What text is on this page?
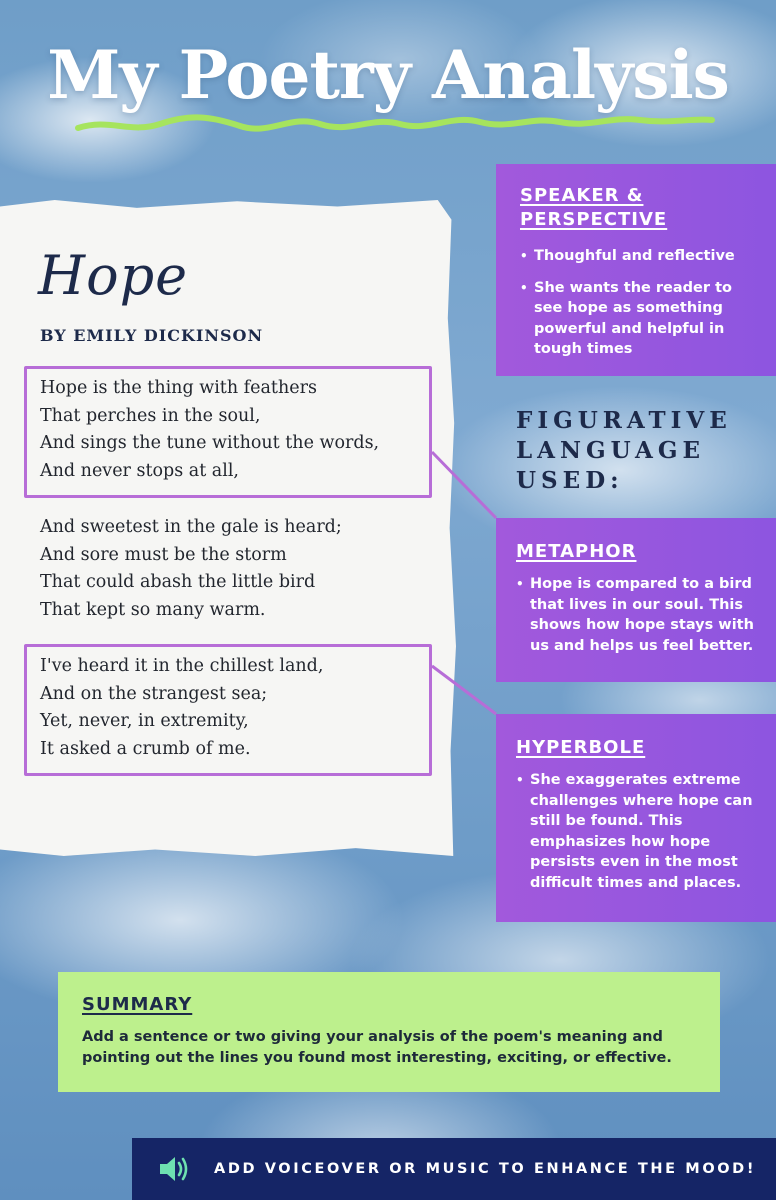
My Poetry Analysis
Hope
BY EMILY DICKINSON
Hope is the thing with feathers
That perches in the soul,
And sings the tune without the words,
And never stops at all,
And sweetest in the gale is heard;
And sore must be the storm
That could abash the little bird
That kept so many warm.
I've heard it in the chillest land,
And on the strangest sea;
Yet, never, in extremity,
It asked a crumb of me.
SPEAKER &
PERSPECTIVE
• Thoughful and reflective
• She wants the reader to see hope as something powerful and helpful in tough times
FIGURATIVE
LANGUAGE
USED:
METAPHOR
• Hope is compared to a bird that lives in our soul. This shows how hope stays with us and helps us feel better.
HYPERBOLE
• She exaggerates extreme challenges where hope can still be found. This emphasizes how hope persists even in the most difficult times and places.
SUMMARY

Add a sentence or two giving your analysis of the poem's meaning and pointing out the lines you found most interesting, exciting, or effective.

ADD VOICEOVER OR MUSIC TO ENHANCE THE MOOD!
